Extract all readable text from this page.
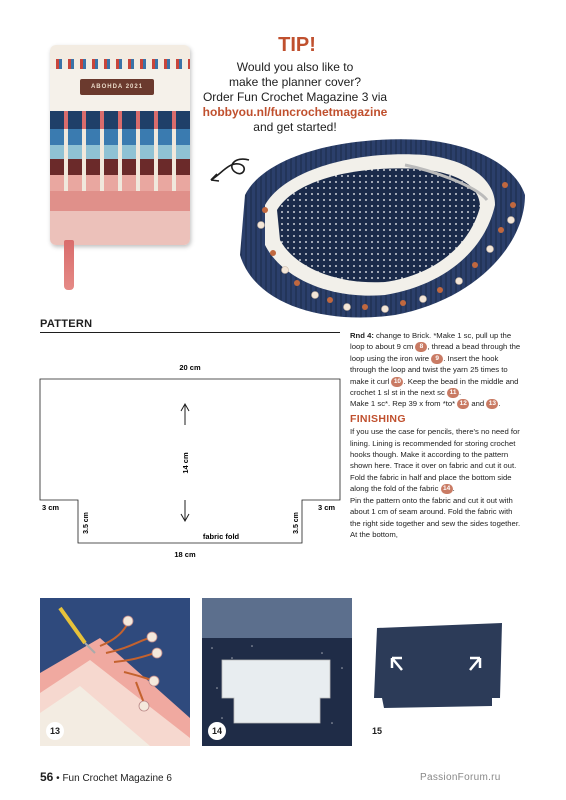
ABOHDA 2021
TIP!
Would you also like to
make the planner cover?
Order Fun Crochet Magazine 3 via
hobbyou.nl/funcrochetmagazine
and get started!
PATTERN
20 cm
14 cm
3 cm	3 cm
3.5 cm	3.5 cm
fabric fold
18 cm

Rnd 4: change to Brick. *Make 1 sc, pull up the loop to about 9 cm 8 , thread a bead through the loop using the iron wire 9 . Insert the hook through the loop and twist the yarn 25 times to make it curl 10 . Keep the bead in the middle and crochet 1 sl st in the next sc 11 .

Make 1 sc*. Rep 39 x from *to* 12 and 13 .

FINISHING

If you use the case for pencils, there's no need for lining. Lining is recommended for storing crochet hooks though. Make it according to the pattern shown here. Trace it over on fabric and cut it out. Fold the fabric in half and place the bottom side along the fold of the fabric 14 .

Pin the pattern onto the fabric and cut it out with about 1 cm of seam around. Fold the fabric with the right side together and sew the sides together. At the bottom,

13	14	15
56 • Fun Crochet Magazine 6	PassionForum.ru
